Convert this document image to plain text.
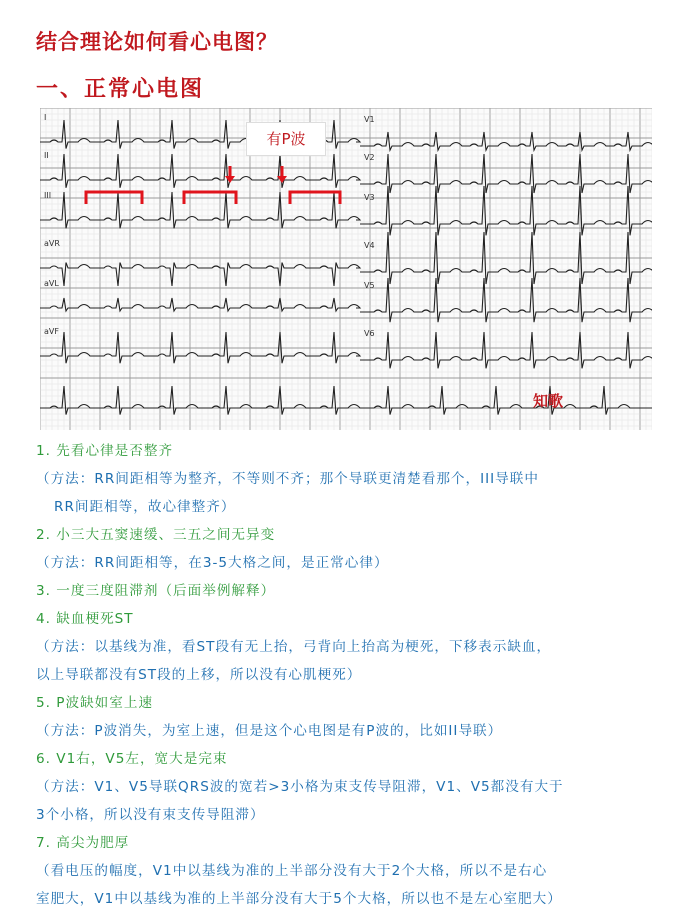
结合理论如何看心电图？
一、正常心电图
I
II
III
aVR
aVL
aVF
V1
V2
V3
V4
V5
V6
有P波
知歌
1. 先看心律是否整齐
（方法：RR间距相等为整齐，不等则不齐；那个导联更清楚看那个，III导联中
RR间距相等，故心律整齐）
2. 小三大五窦速缓、三五之间无异变
（方法：RR间距相等，在3-5大格之间，是正常心律）
3. 一度三度阻滞剂（后面举例解释）
4. 缺血梗死ST
（方法：以基线为准，看ST段有无上抬，弓背向上抬高为梗死，下移表示缺血，
以上导联都没有ST段的上移，所以没有心肌梗死）
5. P波缺如室上速
（方法：P波消失，为室上速，但是这个心电图是有P波的，比如II导联）
6. V1右，V5左，宽大是完束
（方法：V1、V5导联QRS波的宽若>3小格为束支传导阻滞，V1、V5都没有大于
3个小格，所以没有束支传导阻滞）
7. 高尖为肥厚
（看电压的幅度，V1中以基线为准的上半部分没有大于2个大格，所以不是右心
室肥大，V1中以基线为准的上半部分没有大于5个大格，所以也不是左心室肥大）
